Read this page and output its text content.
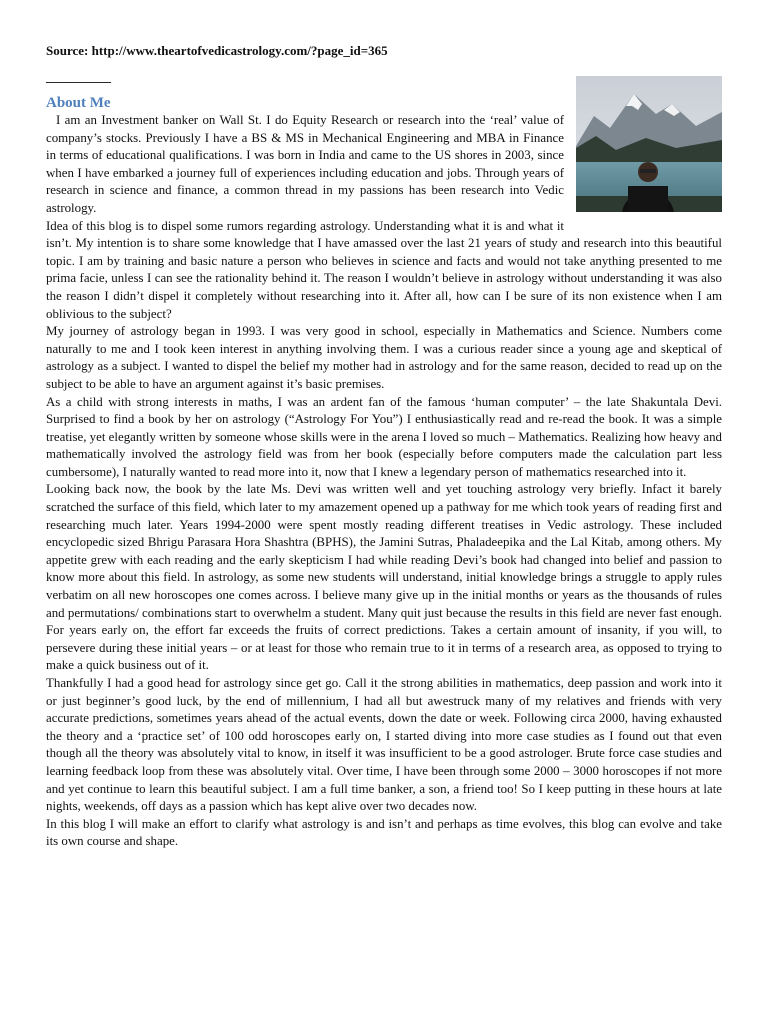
Source: http://www.theartofvedicastrology.com/?page_id=365

__________
About Me

I am an Investment banker on Wall St. I do Equity Research or research into the ‘real’ value of company’s stocks. Previously I have a BS & MS in Mechanical Engineering and MBA in Finance in terms of educational qualifications. I was born in India and came to the US shores in 2003, since when I have embarked a journey full of experiences including education and jobs. Through years of research in science and finance, a common thread in my passions has been research into Vedic astrology.

Idea of this blog is to dispel some rumors regarding astrology. Understanding what it is and what it isn’t. My intention is to share some knowledge that I have amassed over the last 21 years of study and research into this beautiful topic. I am by training and basic nature a person who believes in science and facts and would not take anything presented to me prima facie, unless I can see the rationality behind it. The reason I wouldn’t believe in astrology without understanding it was also the reason I didn’t dispel it completely without researching into it. After all, how can I be sure of its non existence when I am oblivious to the subject?

My journey of astrology began in 1993. I was very good in school, especially in Mathematics and Science. Numbers come naturally to me and I took keen interest in anything involving them. I was a curious reader since a young age and skeptical of astrology as a subject. I wanted to dispel the belief my mother had in astrology and for the same reason, decided to read up on the subject to be able to have an argument against it’s basic premises.

As a child with strong interests in maths, I was an ardent fan of the famous ‘human computer’ – the late Shakuntala Devi. Surprised to find a book by her on astrology (“Astrology For You”) I enthusiastically read and re-read the book. It was a simple treatise, yet elegantly written by someone whose skills were in the arena I loved so much – Mathematics. Realizing how heavy and mathematically involved the astrology field was from her book (especially before computers made the calculation part less cumbersome), I naturally wanted to read more into it, now that I knew a legendary person of mathematics researched into it.

Looking back now, the book by the late Ms. Devi was written well and yet touching astrology very briefly. Infact it barely scratched the surface of this field, which later to my amazement opened up a pathway for me which took years of reading first and researching much later. Years 1994-2000 were spent mostly reading different treatises in Vedic astrology. These included encyclopedic sized Bhrigu Parasara Hora Shashtra (BPHS), the Jamini Sutras, Phaladeepika and the Lal Kitab, among others. My appetite grew with each reading and the early skepticism I had while reading Devi’s book had changed into belief and passion to know more about this field. In astrology, as some new students will understand, initial knowledge brings a struggle to apply rules verbatim on all new horoscopes one comes across. I believe many give up in the initial months or years as the thousands of rules and permutations/ combinations start to overwhelm a student. Many quit just because the results in this field are never fast enough. For years early on, the effort far exceeds the fruits of correct predictions. Takes a certain amount of insanity, if you will, to persevere during these initial years – or at least for those who remain true to it in terms of a research area, as opposed to trying to make a quick business out of it.

Thankfully I had a good head for astrology since get go. Call it the strong abilities in mathematics, deep passion and work into it or just beginner’s good luck, by the end of millennium, I had all but awestruck many of my relatives and friends with very accurate predictions, sometimes years ahead of the actual events, down the date or week. Following circa 2000, having exhausted the theory and a ‘practice set’ of 100 odd horoscopes early on, I started diving into more case studies as I found out that even though all the theory was absolutely vital to know, in itself it was insufficient to be a good astrologer. Brute force case studies and learning feedback loop from these was absolutely vital. Over time, I have been through some 2000 – 3000 horoscopes if not more and yet continue to learn this beautiful subject. I am a full time banker, a son, a friend too! So I keep putting in these hours at late nights, weekends, off days as a passion which has kept alive over two decades now.

In this blog I will make an effort to clarify what astrology is and isn’t and perhaps as time evolves, this blog can evolve and take its own course and shape.
